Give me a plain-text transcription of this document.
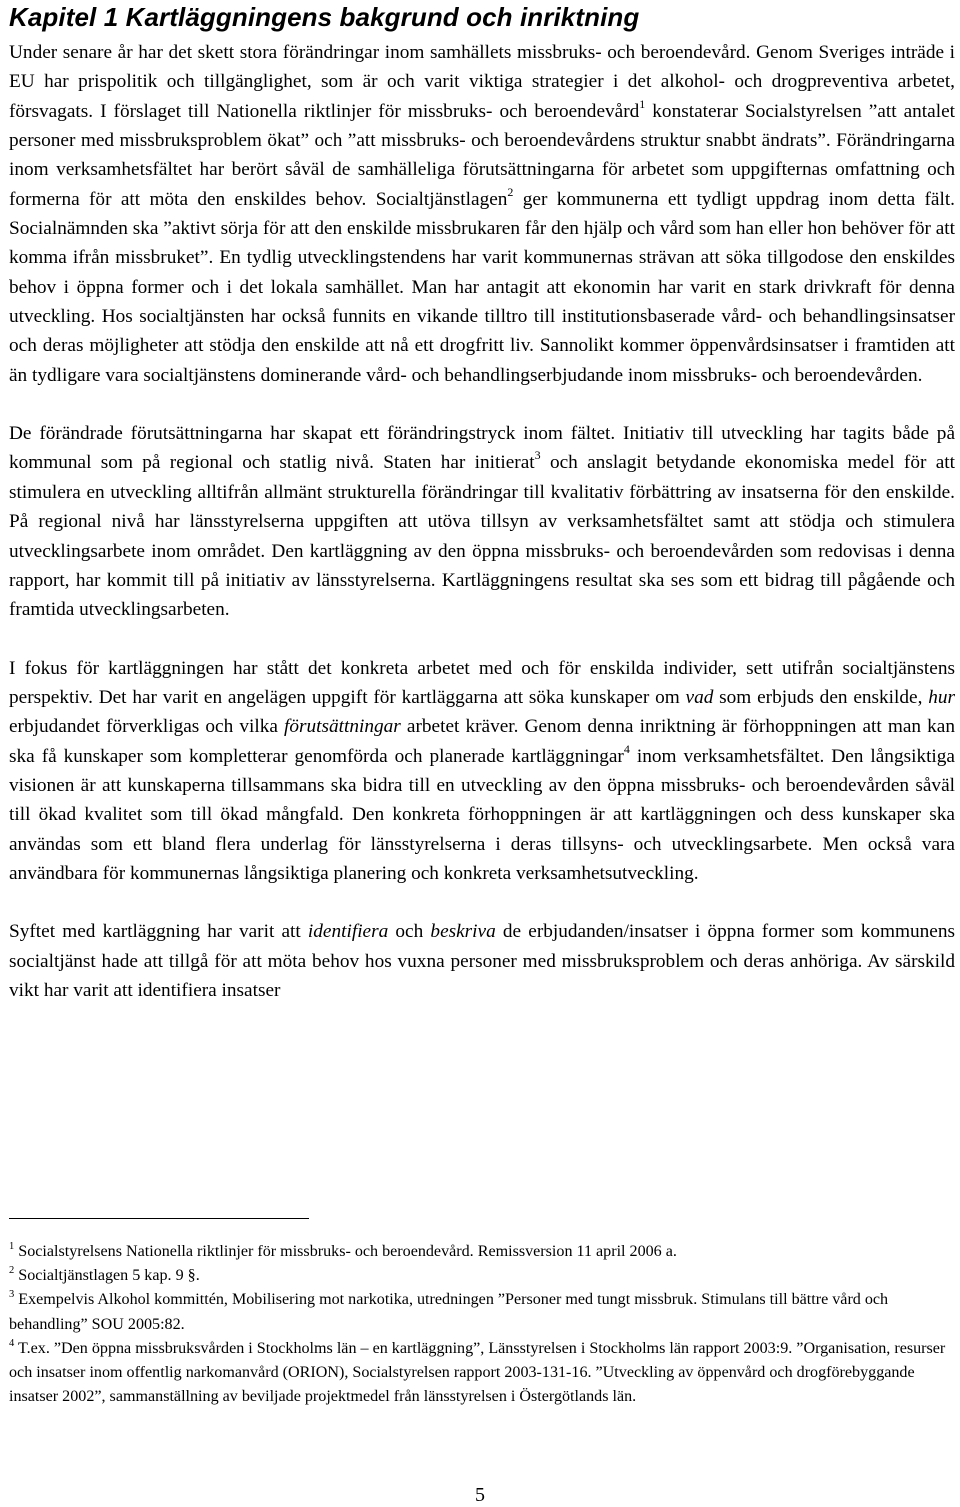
Kapitel 1 Kartläggningens bakgrund och inriktning

Under senare år har det skett stora förändringar inom samhällets missbruks- och beroendevård. Genom Sveriges inträde i EU har prispolitik och tillgänglighet, som är och varit viktiga strategier i det alkohol- och drogpreventiva arbetet, försvagats. I förslaget till Nationella riktlinjer för missbruks- och beroendevård$^1$ konstaterar Socialstyrelsen ”att antalet personer med missbruksproblem ökat” och ”att missbruks- och beroendevårdens struktur snabbt ändrats”. Förändringarna inom verksamhetsfältet har berört såväl de samhälleliga förutsättningarna för arbetet som uppgifternas omfattning och formerna för att möta den enskildes behov. Socialtjänstlagen$^2$ ger kommunerna ett tydligt uppdrag inom detta fält. Socialnämnden ska ”aktivt sörja för att den enskilde missbrukaren får den hjälp och vård som han eller hon behöver för att komma ifrån missbruket”. En tydlig utvecklingstendens har varit kommunernas strävan att söka tillgodose den enskildes behov i öppna former och i det lokala samhället. Man har antagit att ekonomin har varit en stark drivkraft för denna utveckling. Hos socialtjänsten har också funnits en vikande tilltro till institutionsbaserade vård- och behandlingsinsatser och deras möjligheter att stödja den enskilde att nå ett drogfritt liv. Sannolikt kommer öppenvårdsinsatser i framtiden att än tydligare vara socialtjänstens dominerande vård- och behandlingserbjudande inom missbruks- och beroendevården.

De förändrade förutsättningarna har skapat ett förändringstryck inom fältet. Initiativ till utveckling har tagits både på kommunal som på regional och statlig nivå. Staten har initierat$^3$ och anslagit betydande ekonomiska medel för att stimulera en utveckling alltifrån allmänt strukturella förändringar till kvalitativ förbättring av insatserna för den enskilde. På regional nivå har länsstyrelserna uppgiften att utöva tillsyn av verksamhetsfältet samt att stödja och stimulera utvecklingsarbete inom området. Den kartläggning av den öppna missbruks- och beroendevården som redovisas i denna rapport, har kommit till på initiativ av länsstyrelserna. Kartläggningens resultat ska ses som ett bidrag till pågående och framtida utvecklingsarbeten.

I fokus för kartläggningen har stått det konkreta arbetet med och för enskilda individer, sett utifrån socialtjänstens perspektiv. Det har varit en angelägen uppgift för kartläggarna att söka kunskaper om vad som erbjuds den enskilde, hur erbjudandet förverkligas och vilka förutsättningar arbetet kräver. Genom denna inriktning är förhoppningen att man kan ska få kunskaper som kompletterar genomförda och planerade kartläggningar$^4$ inom verksamhetsfältet. Den långsiktiga visionen är att kunskaperna tillsammans ska bidra till en utveckling av den öppna missbruks- och beroendevården såväl till ökad kvalitet som till ökad mångfald. Den konkreta förhoppningen är att kartläggningen och dess kunskaper ska användas som ett bland flera underlag för länsstyrelserna i deras tillsyns- och utvecklingsarbete. Men också vara användbara för kommunernas långsiktiga planering och konkreta verksamhetsutveckling.

Syftet med kartläggning har varit att identifiera och beskriva de erbjudanden/insatser i öppna former som kommunens socialtjänst hade att tillgå för att möta behov hos vuxna personer med missbruksproblem och deras anhöriga. Av särskild vikt har varit att identifiera insatser

$^1$ Socialstyrelsens Nationella riktlinjer för missbruks- och beroendevård. Remissversion 11 april 2006 a.

$^2$ Socialtjänstlagen 5 kap. 9 §.

$^3$ Exempelvis Alkohol kommittén, Mobilisering mot narkotika, utredningen ”Personer med tungt missbruk. Stimulans till bättre vård och behandling” SOU 2005:82.

$^4$ T.ex. ”Den öppna missbruksvården i Stockholms län – en kartläggning”, Länsstyrelsen i Stockholms län rapport 2003:9. ”Organisation, resurser och insatser inom offentlig narkomanvård (ORION), Socialstyrelsen rapport 2003-131-16. ”Utveckling av öppenvård och drogförebyggande insatser 2002”, sammanställning av beviljade projektmedel från länsstyrelsen i Östergötlands län.

5
